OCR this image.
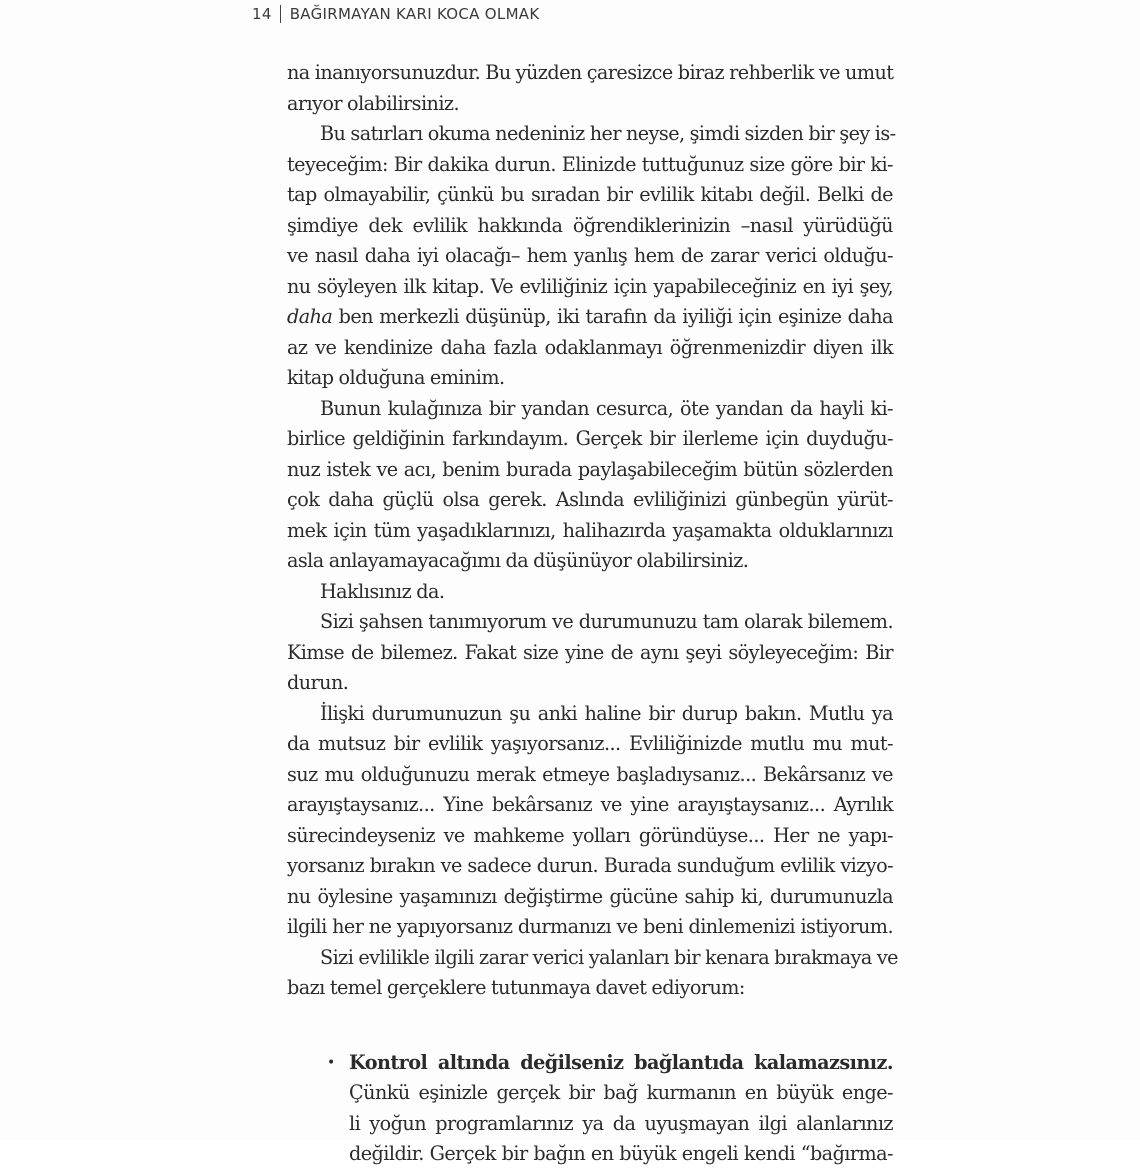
14 BAĞIRMAYAN KARI KOCA OLMAK
na inanıyorsunuzdur. Bu yüzden çaresizce biraz rehberlik ve umut
arıyor olabilirsiniz.
Bu satırları okuma nedeniniz her neyse, şimdi sizden bir şey is-
teyeceğim: Bir dakika durun. Elinizde tuttuğunuz size göre bir ki-
tap olmayabilir, çünkü bu sıradan bir evlilik kitabı değil. Belki de
şimdiye dek evlilik hakkında öğrendiklerinizin –nasıl yürüdüğü
ve nasıl daha iyi olacağı– hem yanlış hem de zarar verici olduğu-
nu söyleyen ilk kitap. Ve evliliğiniz için yapabileceğiniz en iyi şey,
daha ben merkezli düşünüp, iki tarafın da iyiliği için eşinize daha
az ve kendinize daha fazla odaklanmayı öğrenmenizdir diyen ilk
kitap olduğuna eminim.
Bunun kulağınıza bir yandan cesurca, öte yandan da hayli ki-
birlice geldiğinin farkındayım. Gerçek bir ilerleme için duyduğu-
nuz istek ve acı, benim burada paylaşabileceğim bütün sözlerden
çok daha güçlü olsa gerek. Aslında evliliğinizi günbegün yürüt-
mek için tüm yaşadıklarınızı, halihazırda yaşamakta olduklarınızı
asla anlayamayacağımı da düşünüyor olabilirsiniz.
Haklısınız da.
Sizi şahsen tanımıyorum ve durumunuzu tam olarak bilemem.
Kimse de bilemez. Fakat size yine de aynı şeyi söyleyeceğim: Bir
durun.
İlişki durumunuzun şu anki haline bir durup bakın. Mutlu ya
da mutsuz bir evlilik yaşıyorsanız... Evliliğinizde mutlu mu mut-
suz mu olduğunuzu merak etmeye başladıysanız... Bekârsanız ve
arayıştaysanız... Yine bekârsanız ve yine arayıştaysanız... Ayrılık
sürecindeyseniz ve mahkeme yolları göründüyse... Her ne yapı-
yorsanız bırakın ve sadece durun. Burada sunduğum evlilik vizyo-
nu öylesine yaşamınızı değiştirme gücüne sahip ki, durumunuzla
ilgili her ne yapıyorsanız durmanızı ve beni dinlemenizi istiyorum.
Sizi evlilikle ilgili zarar verici yalanları bir kenara bırakmaya ve
bazı temel gerçeklere tutunmaya davet ediyorum:
• Kontrol altında değilseniz bağlantıda kalamazsınız.
Çünkü eşinizle gerçek bir bağ kurmanın en büyük enge-
li yoğun programlarınız ya da uyuşmayan ilgi alanlarınız
değildir. Gerçek bir bağın en büyük engeli kendi “bağırma-
